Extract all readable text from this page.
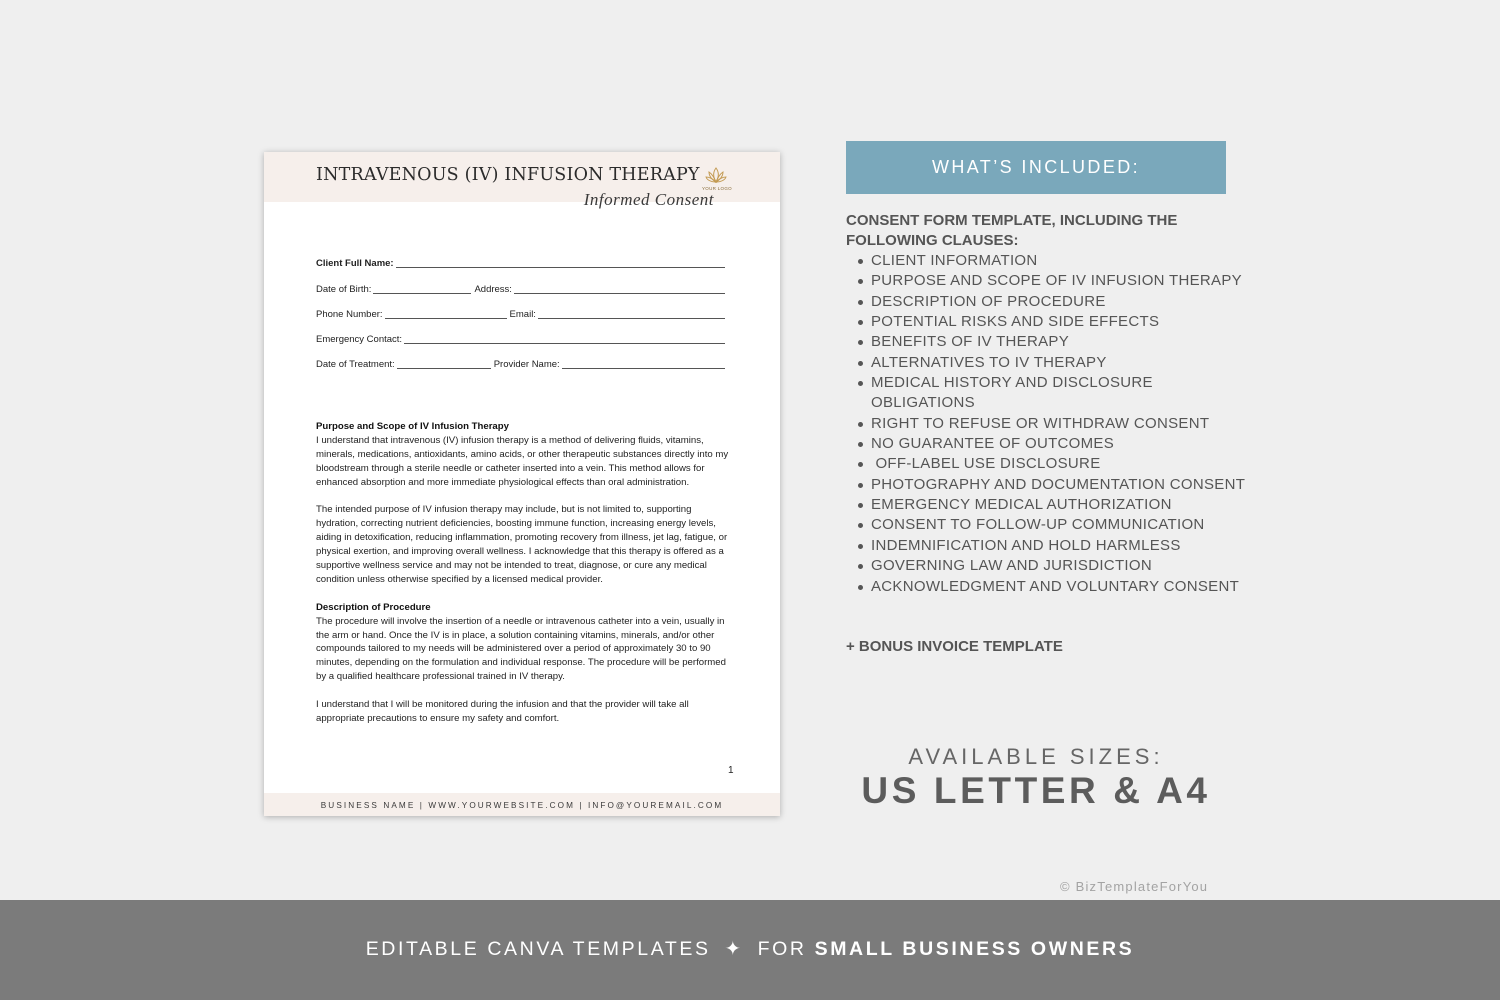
INTRAVENOUS (IV) INFUSION THERAPY
YOUR LOGO
Informed Consent
Client Full Name:
Date of Birth:	Address:
Phone Number:	Email:
Emergency Contact:
Date of Treatment:	Provider Name:
Purpose and Scope of IV Infusion Therapy

I understand that intravenous (IV) infusion therapy is a method of delivering fluids, vitamins, minerals, medications, antioxidants, amino acids, or other therapeutic substances directly into my bloodstream through a sterile needle or catheter inserted into a vein. This method allows for enhanced absorption and more immediate physiological effects than oral administration.

The intended purpose of IV infusion therapy may include, but is not limited to, supporting hydration, correcting nutrient deficiencies, boosting immune function, increasing energy levels, aiding in detoxification, reducing inflammation, promoting recovery from illness, jet lag, fatigue, or physical exertion, and improving overall wellness. I acknowledge that this therapy is offered as a supportive wellness service and may not be intended to treat, diagnose, or cure any medical condition unless otherwise specified by a licensed medical provider.

Description of Procedure

The procedure will involve the insertion of a needle or intravenous catheter into a vein, usually in the arm or hand. Once the IV is in place, a solution containing vitamins, minerals, and/or other compounds tailored to my needs will be administered over a period of approximately 30 to 90 minutes, depending on the formulation and individual response. The procedure will be performed by a qualified healthcare professional trained in IV therapy.

I understand that I will be monitored during the infusion and that the provider will take all appropriate precautions to ensure my safety and comfort.

1
BUSINESS NAME | WWW.YOURWEBSITE.COM | INFO@YOUREMAIL.COM
WHAT’S INCLUDED:
CONSENT FORM TEMPLATE, INCLUDING THE FOLLOWING CLAUSES:
CLIENT INFORMATION
PURPOSE AND SCOPE OF IV INFUSION THERAPY
DESCRIPTION OF PROCEDURE
POTENTIAL RISKS AND SIDE EFFECTS
BENEFITS OF IV THERAPY
ALTERNATIVES TO IV THERAPY
MEDICAL HISTORY AND DISCLOSURE OBLIGATIONS
RIGHT TO REFUSE OR WITHDRAW CONSENT
NO GUARANTEE OF OUTCOMES
OFF-LABEL USE DISCLOSURE
PHOTOGRAPHY AND DOCUMENTATION CONSENT
EMERGENCY MEDICAL AUTHORIZATION
CONSENT TO FOLLOW-UP COMMUNICATION
INDEMNIFICATION AND HOLD HARMLESS
GOVERNING LAW AND JURISDICTION
ACKNOWLEDGMENT AND VOLUNTARY CONSENT
+ BONUS INVOICE TEMPLATE
AVAILABLE SIZES:
US LETTER & A4
© BizTemplateForYou
EDITABLE CANVA TEMPLATES ✦ FOR SMALL BUSINESS OWNERS
